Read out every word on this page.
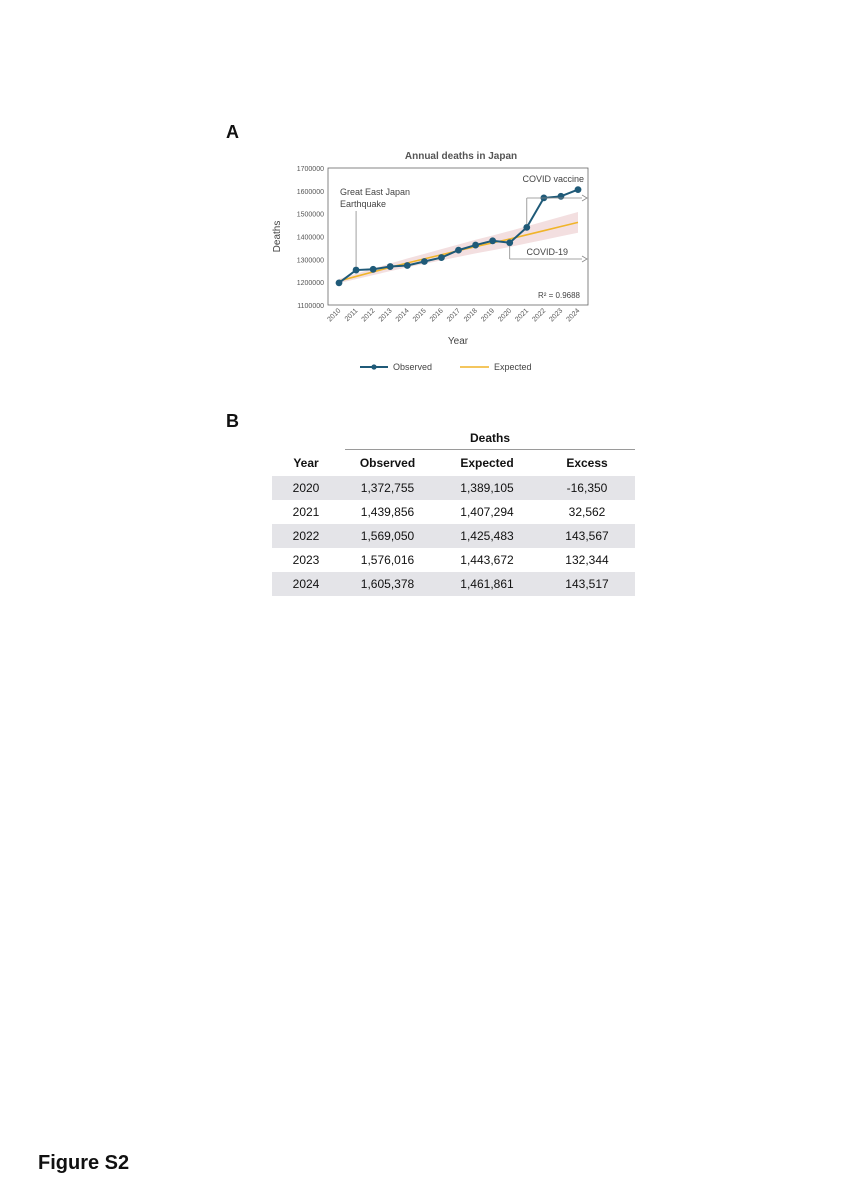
A
Annual deaths in Japan
1100000
1200000
1300000
1400000
1500000
1600000
1700000
Deaths
2010 2011 2012 2013 2014 2015 2016 2017 2018 2019 2020 2021 2022 2023 2024
Year
Great East Japan
Earthquake
COVID vaccine
COVID-19
R² = 0.9688
Observed	Expected
B
Deaths
Year	Observed	Expected	Excess
2020	1,372,755	1,389,105	-16,350
2021	1,439,856	1,407,294	32,562
2022	1,569,050	1,425,483	143,567
2023	1,576,016	1,443,672	132,344
2024	1,605,378	1,461,861	143,517
Figure S2
